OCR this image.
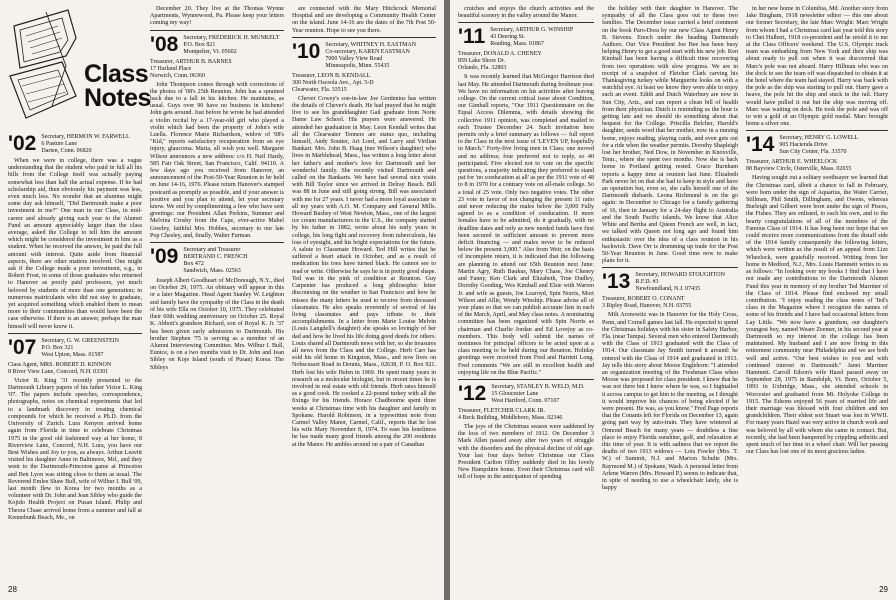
Class
Notes
'02 Secretary, HERMON W. FARWELL
6 Pasture Lane
Darien, Conn. 06820

When we were in college, there was a vague understanding that the student who paid in full all his bills from the College itself was actually paying somewhat less than half the actual expense. If he had scholarship aid, then obviously his payment was less, even much less. No wonder that an alumnus might some day ask himself, "Did Dartmouth make a poor investment in me?" One man in our Class, in mid-career and already giving each year to the Alumni Fund an amount appreciably larger than the class average, asked the College to tell him the amount which might be considered the investment in him as a student. When he received the answer, he paid the full amount with interest. Quite aside from financial aspects, there are other matters involved. One might ask if the College made a poor investment, e.g., in Robert Frost, in some of those graduates who returned to Hanover as poorly paid professors, yet much beloved by students of more than one generation; in numerous matriculants who did not stay to graduate, yet acquired something which enabled them to mean more to their communities than would have been the case otherwise. If there is an answer, perhaps the man himself will never know it.

'07 Secretary, G. W. GREENSTEIN
P.O. Box 321
West Upton, Mass. 01587
Class Agent, MRS. ROBERT D. KINNON
8 River View Lane, Concord, N.H. 03301

Victor R. King '31 recently presented to the Dartmouth Library papers of his father Victor L. King '07. The papers include speeches, correspondence, photographs, notes on chemical experiments that led to a landmark discovery in treating chemical compounds for which he received a Ph.D. from the University of Zurich. Lura Kenyon arrived home again from Florida in time to celebrate Christmas 1975 in the good old fashioned way at her home, 8 Riverview Lane, Concord, N.H. Lura, you have our Best Wishes and Joy to you, as always. Arthur Leavitt visited his daughter Anne in Baltimore, Md., and they went to the Dartmouth-Princeton game at Princeton and Ben Lyon was sitting close to them as usual. The Reverend Emlee Shaw Bull, wife of Wilbur I. Bull '09, last month flew to Korea for two months as a volunteer with Dr. John and Jean Sibley who guide the Kojido Health Project on Pusan Island. Philip and Theora Chase arrived home from a summer and fall at Kennebunk Beach, Me., on

December 20. They live at the Thomas Wynne Apartments, Wynnewood, Pa. Please keep your letters coming my way!

'08 Secretary, FREDERICK H. MUNKELT
P.O. Box 821
Montpelier, Vt. 05602
Treasurer, ARTHUR B. BARNES
17 Harland Place
Norwich, Conn. 06360

John Thompson comes through with corrections of the photos of '08's 25th Reunion. John has a sprained back due to a fall in his kitchen. He maintains, as usual. Guys over 90 have no business in kitchens! John gets around. Just before he wrote he had attended a violin recital by a 17-year-old girl who played a violin which had been the property of John's wife Luella. Florence Marie Richardson, widow of '08's "Kid," reports satisfactory recuperation from an eye injury, glaucoma. Maria, all wish you well. Margaret Wilson announces a new address: c/o H. Neil Hardy, 585 Fair Oak Street, San Francisco, Calif. 94110. A few days ago you received from Hanover, an announcement of the Post-50-Year Reunion to be held on June 14-16, 1976. Please return Hanover's stamped postcard as promptly as possible, and if your answer is positive and you plan to attend, let your secretary know. We end by complimenting a few who have sent greetings: our President Allan Perkins, Summer and Melvina Crosby from the Cape, ever-active Mabel Greeley, faithful Mrs. Hobbes, secretary to our late Pop Chesley, and, finally, Walter Furman.

'09 Secretary and Treasurer
BERTRAND C. FRENCH
Box 472
Sandwich, Mass. 02563

Joseph Albert Goodheart of McDonough, N.Y., died on October 29, 1975. An obituary will appear in this or a later Magazine. Head Agent Stanley W. Leighton and family have the sympathy of the Class in the death of his wife Ella on October 10, 1975. They celebrated their 60th wedding anniversary on October 25. Royal K. Abbott's grandson Richard, son of Royal K. Jr. '37 has been given early admission to Dartmouth. His brother Stephen '75 is serving as a member of an Alumni Interviewing Committee. Mrs. Wilbur I. Bull, Eunice, is on a two months visit to Dr. John and Jean Sibley on Koje Island (south of Pusan) Korea. The Sibleys

are connected with the Mary Hitchcock Memorial Hospital and are developing a Community Health Center on the island. June 14-16 are the dates of the 7th Post 50-Year reunion. Hope to see you there.

'10 Secretary, WHITNEY H. EASTMAN
Co-secretary, KAREN EASTMAN
7000 Valley View Road
Minneapolis, Minn. 55435
Treasurer, LEON B. KENDALL
300 North Osceola Ave., Apt. 5-D
Clearwater, Fla. 33515

Chever Cowey's son-in-law Joe Gerdenius has written the details of Chever's death. He had prayed that he might live to see his granddaughter Gail graduate from Norte Dame Law School. His prayers were answered. He attended her graduation in May. Leon Kendall writes that all the Clearwater Tenners are status quo, including himself, Andy Soutter, Art Lord, and Larry and Virilian Bankart. Mrs. John B. Haag (nee Wilson's daughter) who lives in Marblehead, Mass., has written a long letter about her father's and mother's love for Dartmouth and her wonderful family. She recently visited Dartmouth and called on the Bankarts. We have had several nice visits with Bill Taylor since we arrived in Delray Beach. Bill was 88 in June and still going strong. Bill was associated with me for 27 years. I never had a more loyal associate in all my years with A.O. M. Company and General Mills. Howard Bushey of West Newton, Mass., one of the largest ice cream manufacturers in the U.S., the company started by his father in 1882, wrote about his early years in college, his long fight and recovery from tuberculosis, his loss of eyesight, and his bright expectations for the future. A salute to Classmate Howard. Ted Hill writes that he suffered a heart attack in October, and as a result of medication his toes have turned black. He cannot see to read or write. Otherwise he says he is in pretty good shape. Ted was in the pink of condition at Reunion. Guy Carpenter has produced a long philosophic letter discoursing on the weather in San Francisco and how he misses the many letters he used to receive from deceased classmates. He also speaks reverently of several of his living classmates and pays tribute to their accomplishments. In a letter from Marie Louise Melvin (Louis Langdell's daughter) she speaks so lovingly of her dad and how he lived his life doing good deeds for others. Louis shared all Dartmouth news with her, so she treasures all news from the Class and the College. Herb Carr has sold his old home in Kingston, Mass., and now lives on Nobscusset Road in Dennis, Mass., 02638, P. O. Box 921. Herb lost his wife Helen in 1969. He spent many years in research as a molecular biologist, but in recent times he is involved in real estate with old friends. Herb rates himself as a good cook. He cooked a 22-pound turkey with all the fixings for his friends. Horace Chadbourne spent three weeks at Christmas time with his daughter and family in Spokane. Harold Robinson, in a typewritten note from Carmel Valley Manor, Carmel, Calif., reports that he lost his wife Mary November 8, 1974. To ease his loneliness he has made many good friends among the 200 residents at the Manor. He ambles around on a pair of Canadian

28

crutches and enjoys the church activities and the beautiful scenery in the valley around the Manor.

'11 Secretary, ARTHUR G. WINSHIP
43 Deering St.
Reading, Mass. 01867
Treasurer, DONALD A. CHENEY
859 Lake Shore Dr.
Orlando, Fla. 32803

It was recently learned that McGregor Harrison died last May. He attended Dartmouth during freshman year. We have no information on his activities after leaving college. On the current critical issue about Condition, our Gimball reports, "Our 1911 Questionnaire on the Equal Access Dilemma, with details showing the collective 1911 opinion, was completed and mailed to each Trustee December 24. Such invitation here permits only a brief summary as follows — full report to the Class in the next issue of 'LEVEN UP, hopefully in March." Forty-five living men in Class; one moved and no address; four preferred not to reply, so 40 participated. Five elected not to vote on the specific questions, a majority indicating they preferred to stand pat for 'no coeducation at all' as per the 1911 vote of 48 to 8 in 1970 for a contrary vote on all-male college. So a total of 25 vote. Only two negative votes. The other 23 vote in favor of not changing the present 11 ratio and never reducing the males below the 3,000 Fully agreed to as a condition of coeducation. If more females have to be admitted, do it gradually, with no deadline dates and only as new needed funds have first been secured in sufficient amount to prevent more deficit financing — and males never to be reduced below the present 3,000." Also from Weir, on the basis of incomplete return, it is indicated that the following are planning to attend our 65th Reunion next June: Martin Agry, Ruth Baukus, Mary Chase, Joe Cheney and Fanny, Ken Clark and Elizabeth, True Dudley, Dorothy Gooding, Wes Kimball and Elsie with Warren Jr. and wife as guests, Joe Learoyd, Spin Norris, Mort Wilson and Allie, Wendy Winship. Please advise all of your plans so that we can publish accurate lists in each of the March, April, and May class notes. A nominating committee has been organized with Spin Norris as chairman and Charlie Jordan and Ed Lovejoy as co-members. This body will submit the names of nominees for principal officers to be acted upon at a class meeting to be held during our Reunion. Holiday greetings were received from Fred and Harriett Long. Fred comments "We are still in excellent health and enjoying life on the Blue Pacific."

'12 Secretary, STANLEY B. WELD, M.D.
15 Gloucester Lane
West Hartford, Conn. 07107
Treasurer, FLETCHER CLARK JR.
4 Beck Building, Middleboro, Mass. 02346

The joys of the Christmas season were saddened by the loss of two members of 1912. On December 3 Mark Allen passed away after two years of struggle with the disorders and the physical decline of old age. Your last four days before Christmas our Class President Carlton Olfiry suddenly died in his lovely New Hampshire home. Even their Christmas card will tell of hope in the anticipation of spending

the holiday with their daughter in Hanover. The sympathy of all the Class goes out to these two families. The December issue carried a brief comment on the book Paro-Dora by our new Class Agent Henry B. Stevens. Enoch under the heading Dartmouth Authors. Our Vice President Joe Bee has been busy helping Henry to get a good start with his new job. Ken Kimball has been having a difficult time recovering from two operations with slow progress. We are in receipt of a snapshot of Fletcher Clark carving his Thanksgiving turkey while Marguerite looks on with a watchful eye. At least we know they were able to enjoy such an event. Edith and Dutch Waterbury are now in Sun City, Ariz., and can report a clean bill of health from their physician. Dutch is reminding us the hour is getting late and we should do something about that bequest for the College. Priscilla Belcher, Harold's daughter, sends word that her mother, now in a nursing home, enjoys reading, playing cards, and even gets out for a ride when the weather permits. Dorothy Shapleigh lost her brother, Ned Dow, in November in Knoxville, Tenn., where she spent two months. Now she is back home in Portland getting rested. Grace Burnham reports a happy time at reunion last June. Elizabeth Park never let on that she had to keep in style and have an operation but, even so, she calls herself one of the Dartmouth diehards. Leona Richmond is on the go again: in December to Chicago for a family gathering of 16, then in January for a 24-day flight to Australia and the South Pacific islands. We know that Alice White and Bertha and Queen French are well, in fact, we talked with Queen not long ago and found him enthusiastic over the idea of a class reunion in his backwick. Dave Orr is drumming up trade for the Post 50-Year Reunion in June. Good time now to make plans for it.

'13 Secretary, HOWARD STOUGHTON
R.F.D. #3
Newfoundland, N.J. 07435
Treasurer, ROBERT O. CONANT
3 Ripley Road, Hanover, N.H. 03755

Milt Aronowitz was in Hanover for the Holy Cross, Penn, and Cornell games last fall. He expected to spend the Christmas holidays with his sister in Safety Harbor, Fla. (near Tampa). Several men who entered Dartmouth with the Class of 1913 graduated with the Class of 1914. Our classmate Jay Smith turned it around: he entered with the Class of 1914 and graduated in 1913. Jay tells this story about Moose Englehorn: "I attended an organization meeting of the Freshman Class when Moose was proposed for class president. I knew that he was not there but I knew where he was, so I hightailed it across campus to get him to the meeting, as I thought it would improve his chances of being elected if he were present. He was, as you know." Fred Page reports that the Conants left for Florida on December 13, again going part way by auto-train. They have wintered at Ormond Beach for many years — doubtless a fine place to enjoy Floridа sunshine, golf, and relaxation at this time of year. It is with sadness that we report the deaths of two 1913 widows — Lois Fowler (Mrs. T. W.) of Summit, N.J. and Marion Schulte (Mrs. Raymond M.) of Spokane, Wash. A personal letter from Arlene Warren (Mrs. Howard P.) seems to indicate that, in spite of needing to use a wheelchair lately, she is happy

in her new home in Columbia, Md. Another story from Jake Bingham, 1918 newsletter editor — this one about our former Secretary, the late Marc Wright: Marc Wright from whom I had a Christmas card last year told this story to Chet Hulbert, 1918 co-president and he retold it to me at the Class Officers' weekend. The U.S. Olympic track team was embarking from New York and their ship was about ready to pull out when it was discovered that Marc's pole was not aboard. Harry Hillman who was on the dock to see the team off was dispatched to obtain it at the hotel where the team had stayed. Harry was back with the pole as the ship was starting to pull out. Harry gave a heave, the pole hit the ship and stuck in the rail. Harry would have pulled it out but the ship was moving off. Marc was waiting on deck. He took the pole and was off to win a gold of an Olympic gold medal. Marc brought home a silver one.

'14 Secretary, HENRY G. LOWELL
905 Hacienda Drive
Sun City Center, Fla. 33570
Treasurer, ARTHUR E. WHEELOCK
88 Bayview Circle, Osterville, Mass. 02655

Having sought out a solitary soothsayer we learned that the Christmas card, albeit a chance to fall in February, were born under the sign of Aquarius, the Water Carrier, Stillman, Phil Smith, Dillingham, and Owens, whereas Burleigh and Gilbert were born under the sign of Pisces, the Fishes. They are enlisted, to each his own, and to the hearty congratulations of all of the members of the Famous Class of 1914. It has long been our hope that we could receive more communications from the distaff side of the 1914 family consequently the following letters, which were written as the result of an appeal from Lize Wheelock, were gratefully received. Writing from her home in Medford, N.J., Mrs. Louis Hammett writes to us as follows: "In looking over my books I find that I have not made any contributions to the Dartmouth Alumni Fund this year in memory of my brother Ted Marriner of the Class of 1914. Please find enclosed my small contribution. "I enjoy reading the class notes of Ted's class in the Magazine where I recognize the names of some of his friends and I have had occasional letters from Lay Little. "We now have a grandson, our daughter's youngest boy, named Weare Zeemer, in his second year at Dartmouth so my interest in the college has been maintained. My husband and I are now living in this retirement community near Philadelphia and we are both well and active. "Our best wishes to you and with continued interest in Dartmouth." Janet Marriner Hammett. Carroll Edson's wife Hazel passed away on September 28, 1975 in Randolph, Vt. Born, October 5, 1893 in Uxbridge, Mass., she attended schools in Worcester and graduated from Mt. Holyoke College in 1915. The Edsons enjoyed 56 years of married life and their marriage was blessed with four children and ten grandchildren. Their eldest son Stuart was lost in WWII. For many years Hazel was very active in church work and was beloved by all with whom she came in contact. But, recently, she had been hampered by crippling arthritis and spent much of her time in a wheel chair. Will her passing our Class has lost one of its most gracious ladies.

29
